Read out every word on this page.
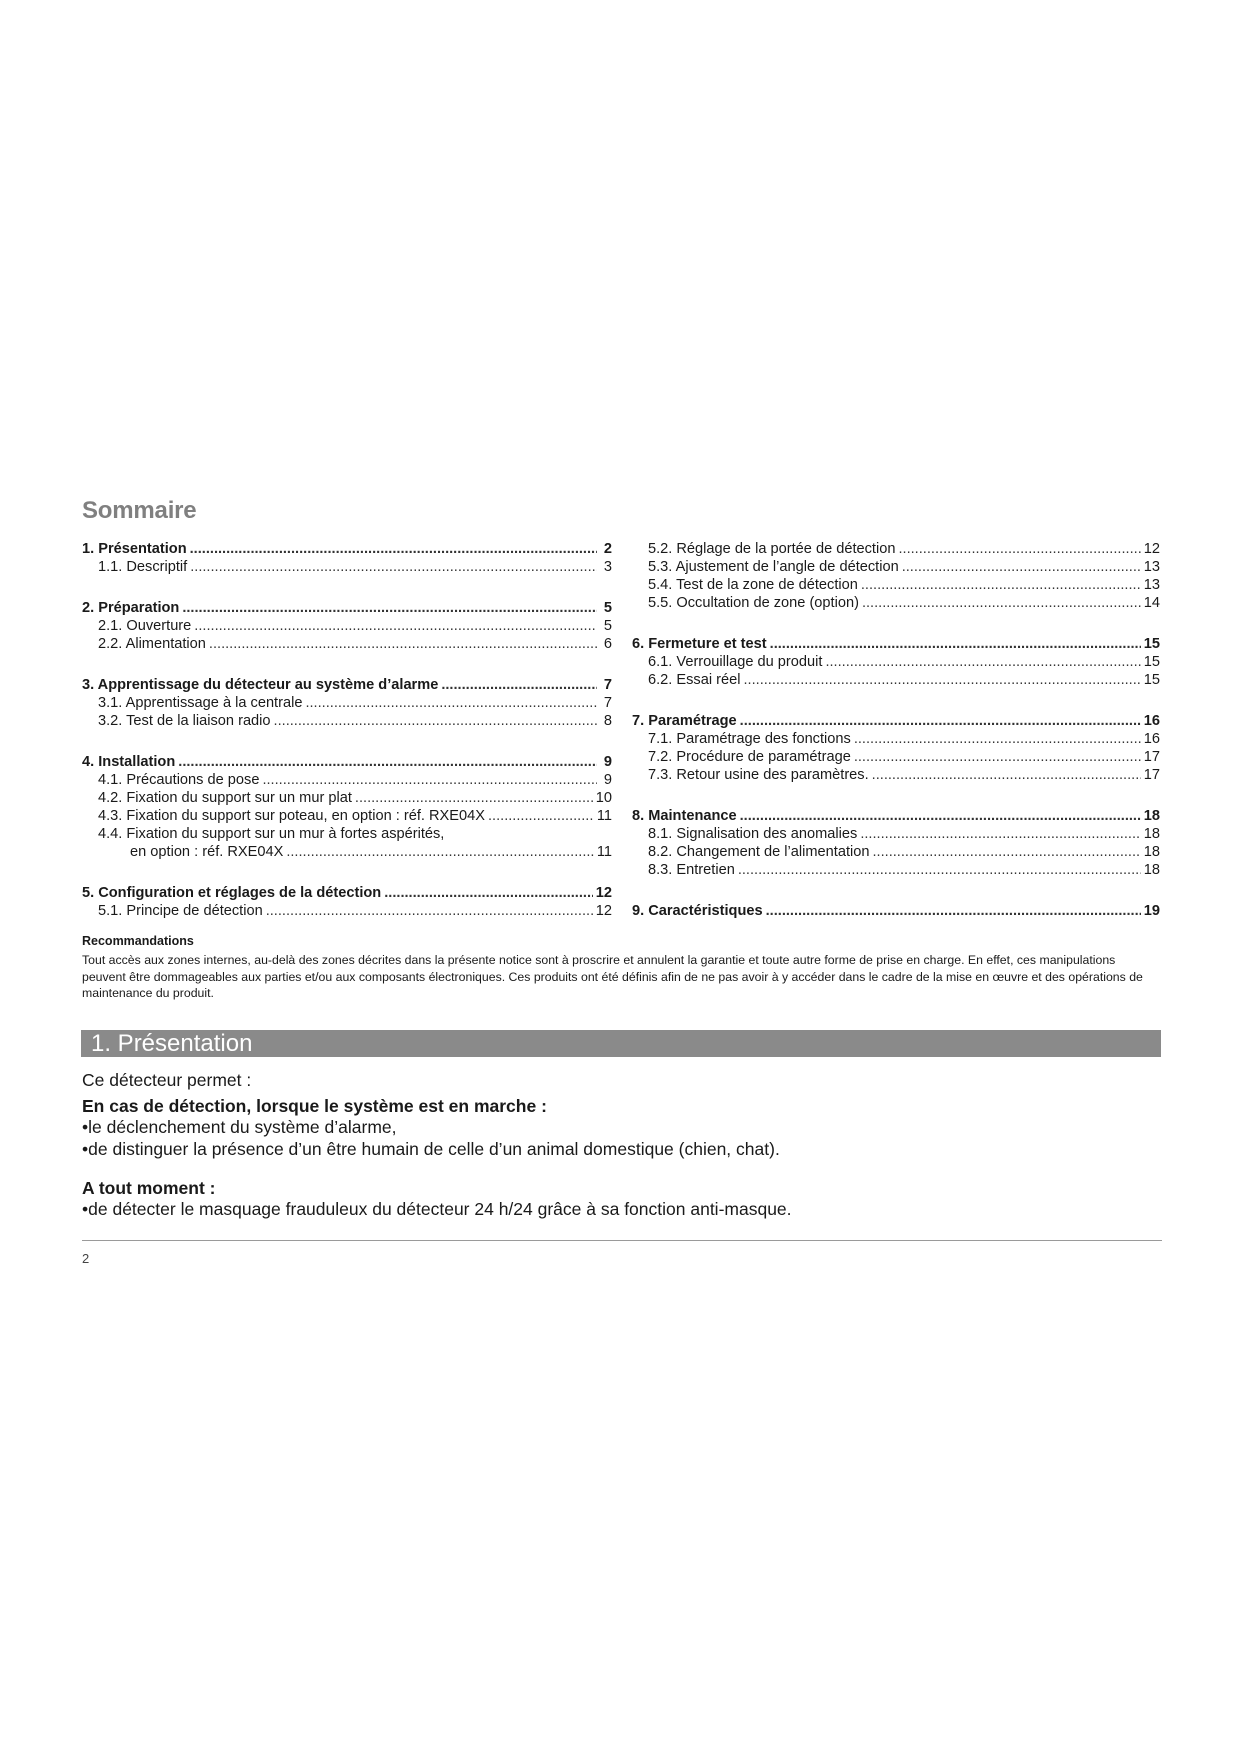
Sommaire
1. Présentation .....	2
1.1. Descriptif .....	3
2. Préparation .....	5
2.1. Ouverture .....	5
2.2. Alimentation .....	6
3. Apprentissage du détecteur au système d’alarme .....	7
3.1. Apprentissage à la centrale .....	7
3.2. Test de la liaison radio .....	8
4. Installation .....	9
4.1. Précautions de pose .....	9
4.2. Fixation du support sur un mur plat .....	10
4.3. Fixation du support sur poteau, en option : réf. RXE04X .....	11
4.4. Fixation du support sur un mur à fortes aspérités,
en option : réf. RXE04X .....	11
5. Configuration et réglages de la détection .....	12
5.1. Principe de détection .....	12
5.2. Réglage de la portée de détection .....	12
5.3. Ajustement de l’angle de détection .....	13
5.4. Test de la zone de détection .....	13
5.5. Occultation de zone (option) .....	14
6. Fermeture et test .....	15
6.1. Verrouillage du produit .....	15
6.2. Essai réel .....	15
7. Paramétrage .....	16
7.1. Paramétrage des fonctions .....	16
7.2. Procédure de paramétrage .....	17
7.3. Retour usine des paramètres. .....	17
8. Maintenance .....	18
8.1. Signalisation des anomalies .....	18
8.2. Changement de l’alimentation .....	18
8.3. Entretien .....	18
9. Caractéristiques .....	19
Recommandations

Tout accès aux zones internes, au-delà des zones décrites dans la présente notice sont à proscrire et annulent la garantie et toute autre forme de prise en charge. En effet, ces manipulations peuvent être dommageables aux parties et/ou aux composants électroniques. Ces produits ont été définis afin de ne pas avoir à y accéder dans le cadre de la mise en œuvre et des opérations de maintenance du produit.

1. Présentation

Ce détecteur permet :

En cas de détection, lorsque le système est en marche :
• le déclenchement du système d’alarme,
• de distinguer la présence d’un être humain de celle d’un animal domestique (chien, chat).
A tout moment :
• de détecter le masquage frauduleux du détecteur 24 h/24 grâce à sa fonction anti-masque.
2
